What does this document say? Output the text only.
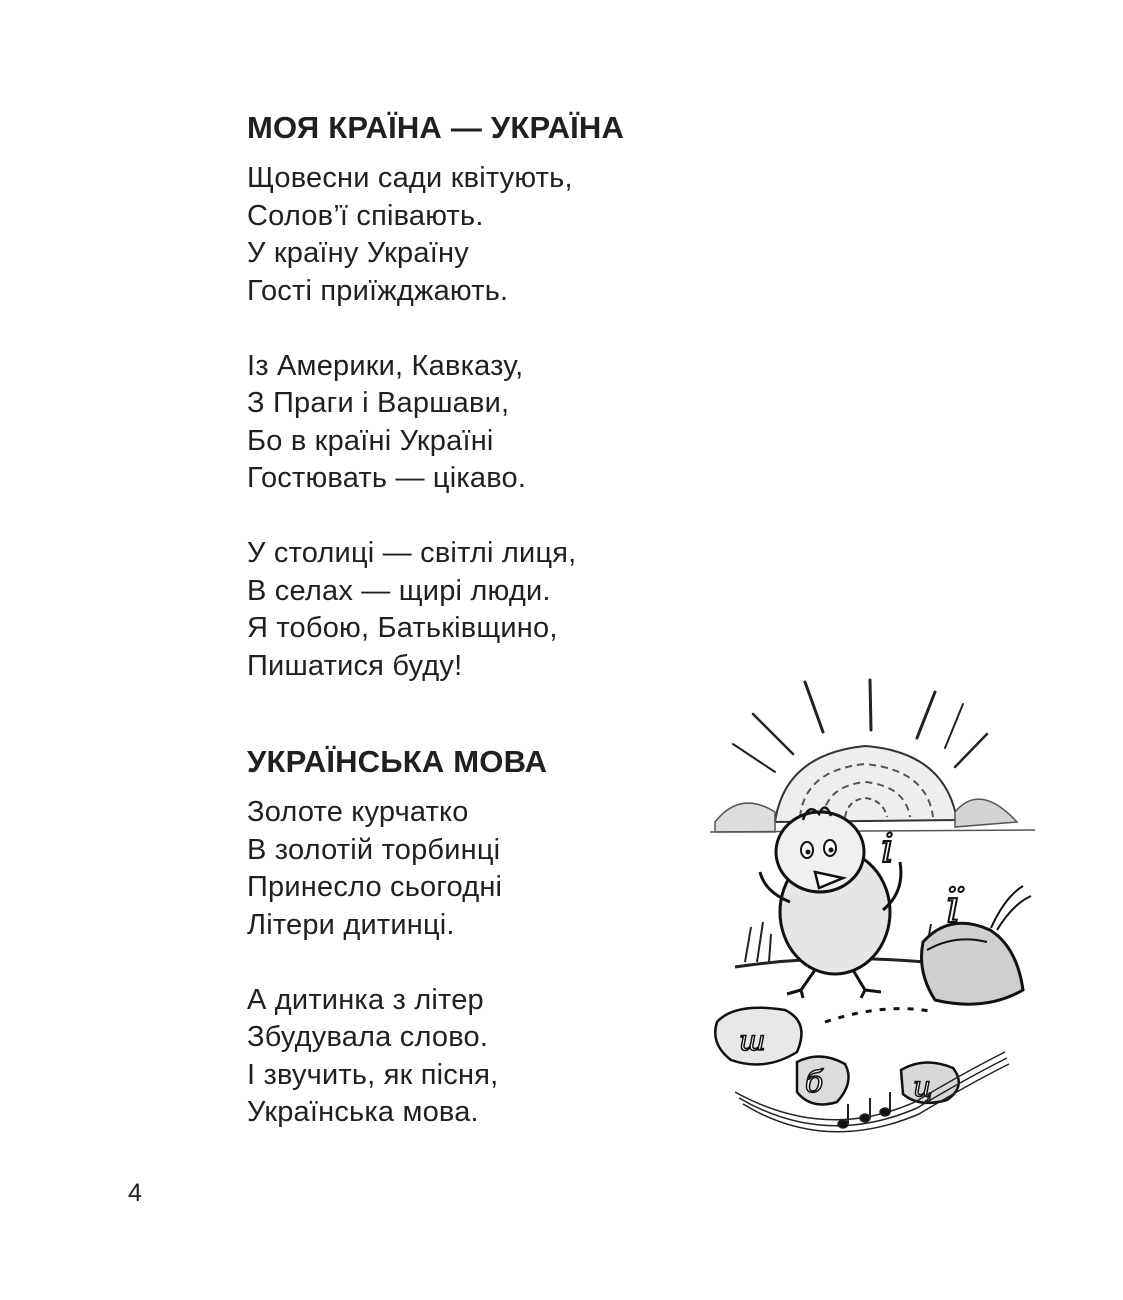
МОЯ КРАЇНА — УКРАЇНА
Щовесни сади квітують,
Солов’ї співають.
У країну Україну
Гості приїжджають.
Із Америки, Кавказу,
З Праги і Варшави,
Бо в країні Україні
Гостювать — цікаво.
У столиці — світлі лиця,
В селах — щирі люди.
Я тобою, Батьківщино,
Пишатися буду!
УКРАЇНСЬКА МОВА
Золоте курчатко
В золотій торбинці
Принесло сьогодні
Літери дитинці.
А дитинка з літер
Збудувала слово.
І звучить, як пісня,
Українська мова.
і
ї
ш
б	ц
4
